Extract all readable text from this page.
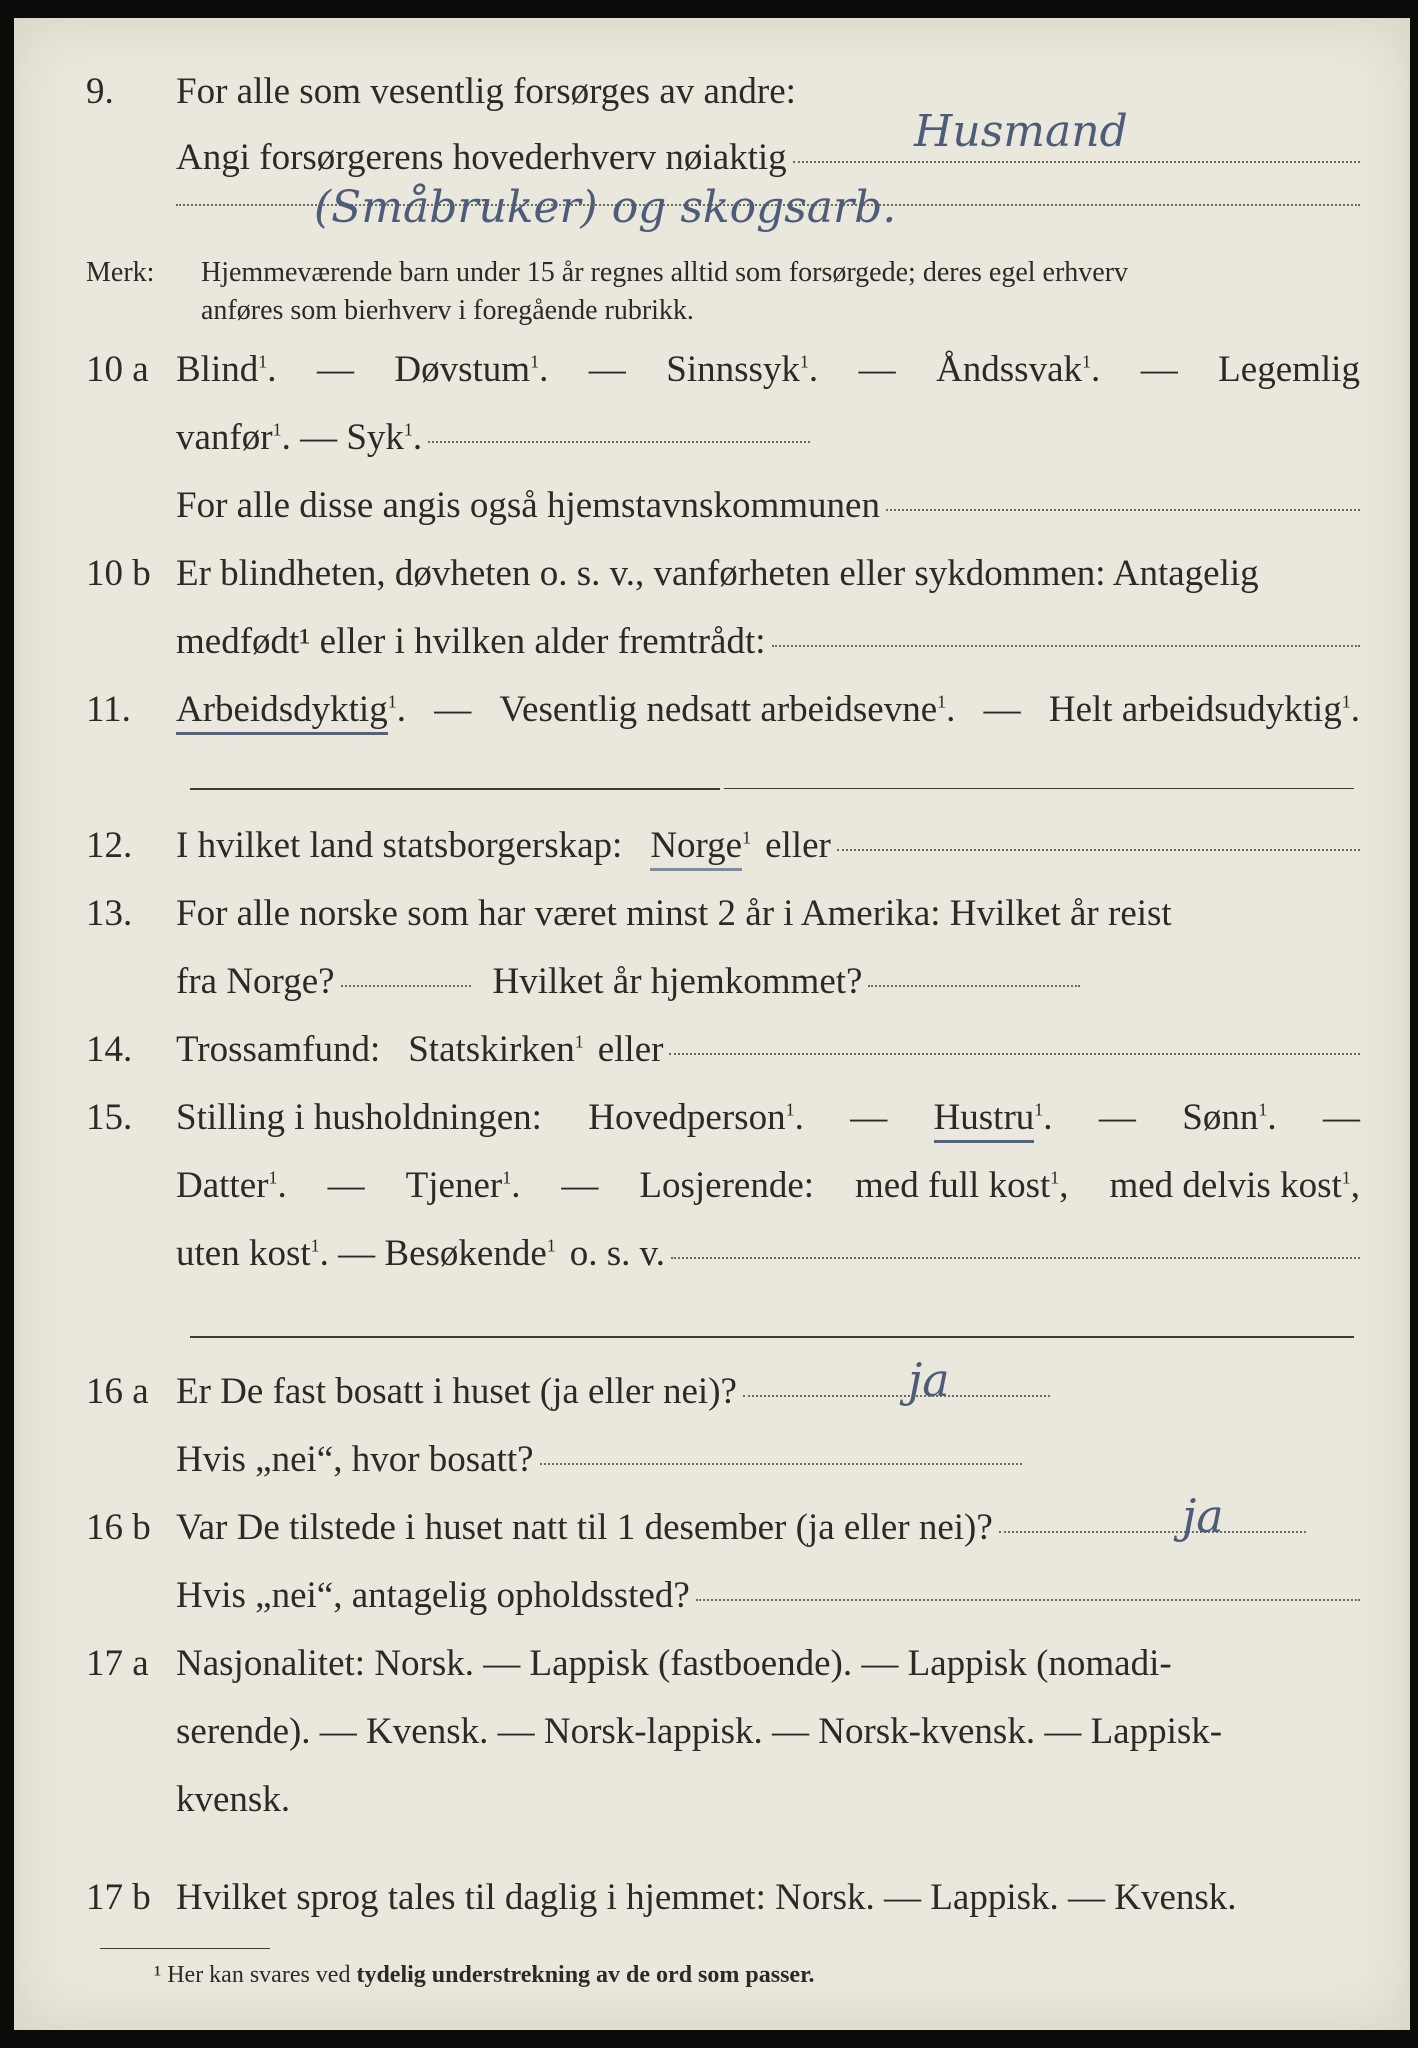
9. For alle som vesentlig forsørges av andre:
Angi forsørgerens hovederhverv nøiaktig
Husmand
(Småbruker) og skogsarb.
Merk: Hjemmeværende barn under 15 år regnes alltid som forsørgede; deres egel erhverv

anføres som bierhverv i foregående rubrikk.

10 a Blind$^1$. — Døvstum$^1$. — Sinnssyk$^1$. — Åndssvak$^1$. — Legemlig
vanfør$^1$. — Syk$^1$.
For alle disse angis også hjemstavnskommunen
10 b Er blindheten, døvheten o. s. v., vanførheten eller sykdommen: Antagelig
medfødt¹ eller i hvilken alder fremtrådt:
11. Arbeidsdyktig$^1$. — Vesentlig nedsatt arbeidsevne$^1$. — Helt arbeidsudyktig$^1$.
12. I hvilket land statsborgerskap: Norge$^1$ eller
13. For alle norske som har været minst 2 år i Amerika: Hvilket år reist
fra Norge?	Hvilket år hjemkommet?
14. Trossamfund: Statskirken$^1$ eller
15. Stilling i husholdningen: Hovedperson$^1$. — Hustru$^1$. — Sønn$^1$. —
Datter$^1$. — Tjener$^1$. — Losjerende: med full kost$^1$, med delvis kost$^1$,
uten kost$^1$. — Besøkende$^1$ o. s. v.
16 a Er De fast bosatt i huset (ja eller nei)?	ja
Hvis „nei“, hvor bosatt?
16 b Var De tilstede i huset natt til 1 desember (ja eller nei)?	ja
Hvis „nei“, antagelig opholdssted?
17 a Nasjonalitet: Norsk. — Lappisk (fastboende). — Lappisk (nomadi-
serende). — Kvensk. — Norsk-lappisk. — Norsk-kvensk. — Lappisk-
kvensk.
17 b Hvilket sprog tales til daglig i hjemmet: Norsk. — Lappisk. — Kvensk.
¹ Her kan svares ved tydelig understrekning av de ord som passer.
